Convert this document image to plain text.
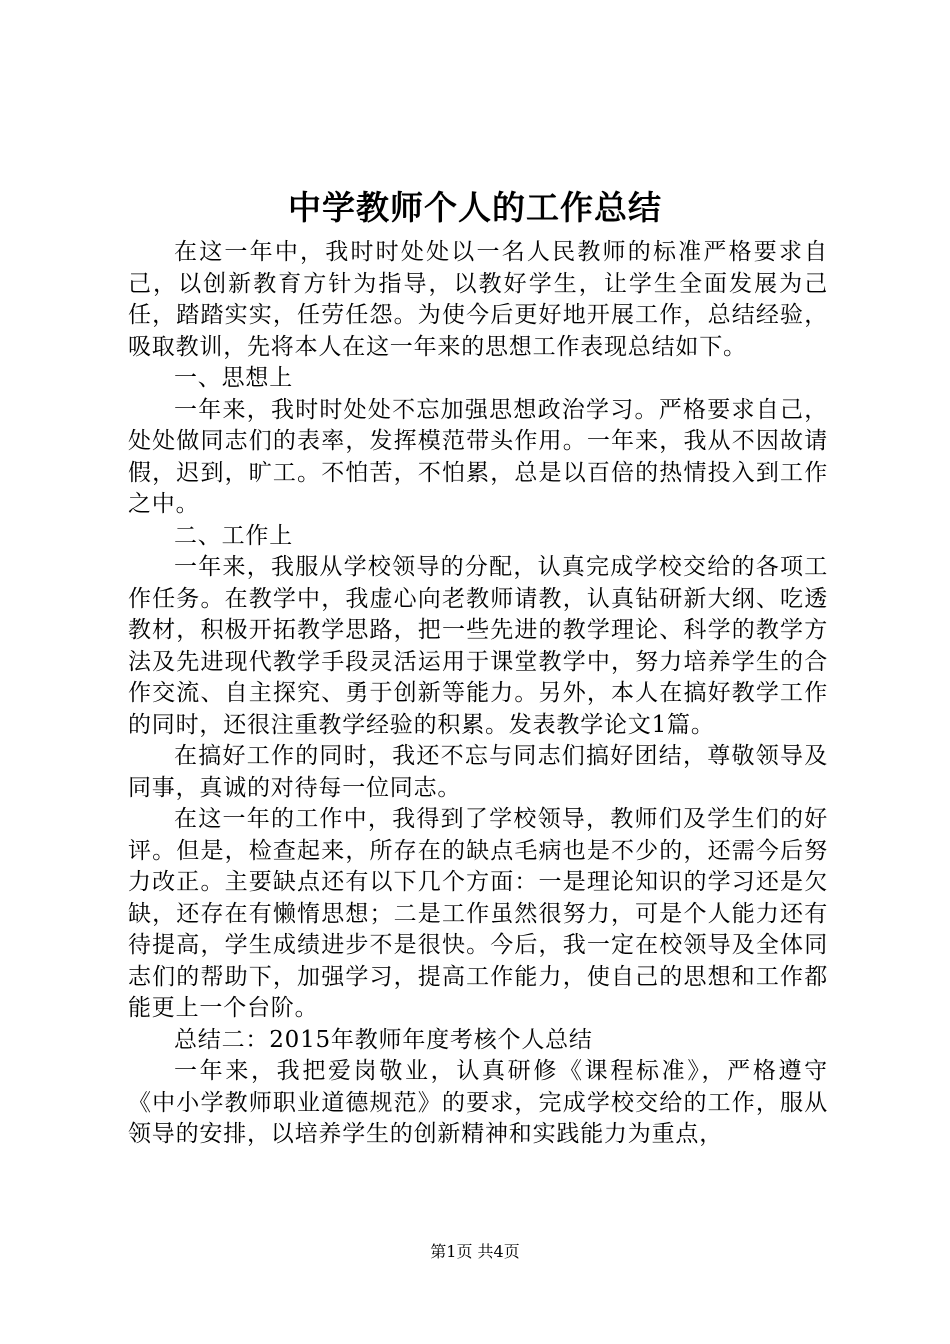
中学教师个人的工作总结

在这一年中，我时时处处以一名人民教师的标准严格要求自己，以创新教育方针为指导，以教好学生，让学生全面发展为己任，踏踏实实，任劳任怨。为使今后更好地开展工作，总结经验，吸取教训，先将本人在这一年来的思想工作表现总结如下。

一、思想上

一年来，我时时处处不忘加强思想政治学习。严格要求自己，处处做同志们的表率，发挥模范带头作用。一年来，我从不因故请假，迟到，旷工。不怕苦，不怕累，总是以百倍的热情投入到工作之中。

二、工作上

一年来，我服从学校领导的分配，认真完成学校交给的各项工作任务。在教学中，我虚心向老教师请教，认真钻研新大纲、吃透教材，积极开拓教学思路，把一些先进的教学理论、科学的教学方法及先进现代教学手段灵活运用于课堂教学中，努力培养学生的合作交流、自主探究、勇于创新等能力。另外，本人在搞好教学工作的同时，还很注重教学经验的积累。发表教学论文1篇。

在搞好工作的同时，我还不忘与同志们搞好团结，尊敬领导及同事，真诚的对待每一位同志。

在这一年的工作中，我得到了学校领导，教师们及学生们的好评。但是，检查起来，所存在的缺点毛病也是不少的，还需今后努力改正。主要缺点还有以下几个方面：一是理论知识的学习还是欠缺，还存在有懒惰思想；二是工作虽然很努力，可是个人能力还有待提高，学生成绩进步不是很快。今后，我一定在校领导及全体同志们的帮助下，加强学习，提高工作能力，使自己的思想和工作都能更上一个台阶。

总结二：2015年教师年度考核个人总结

一年来，我把爱岗敬业，认真研修《课程标准》，严格遵守《中小学教师职业道德规范》的要求，完成学校交给的工作，服从领导的安排，以培养学生的创新精神和实践能力为重点，

第1页 共4页
